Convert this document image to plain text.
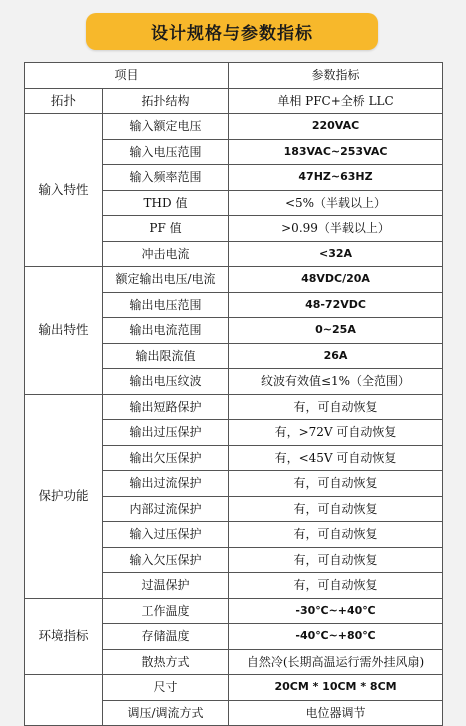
设计规格与参数指标
项目		参数指标
拓扑	拓扑结构	单相 PFC+全桥 LLC
输入特性	输入额定电压	220VAC
	输入电压范围	183VAC~253VAC
	输入频率范围	47HZ~63HZ
	THD 值	<5%（半载以上）
	PF 值	>0.99（半载以上）
	冲击电流	<32A
输出特性	额定输出电压/电流	48VDC/20A
	输出电压范围	48-72VDC
	输出电流范围	0~25A
	输出限流值	26A
	输出电压纹波	纹波有效值≤1%（全范围）
保护功能	输出短路保护	有，可自动恢复
	输出过压保护	有，>72V 可自动恢复
	输出欠压保护	有，<45V 可自动恢复
	输出过流保护	有，可自动恢复
	内部过流保护	有，可自动恢复
	输入过压保护	有，可自动恢复
	输入欠压保护	有，可自动恢复
	过温保护	有，可自动恢复
环境指标	工作温度	-30℃~+40℃
	存储温度	-40℃~+80℃
	散热方式	自然冷(长期高温运行需外挂风扇)
	尺寸	20CM * 10CM * 8CM
	调压/调流方式	电位器调节
